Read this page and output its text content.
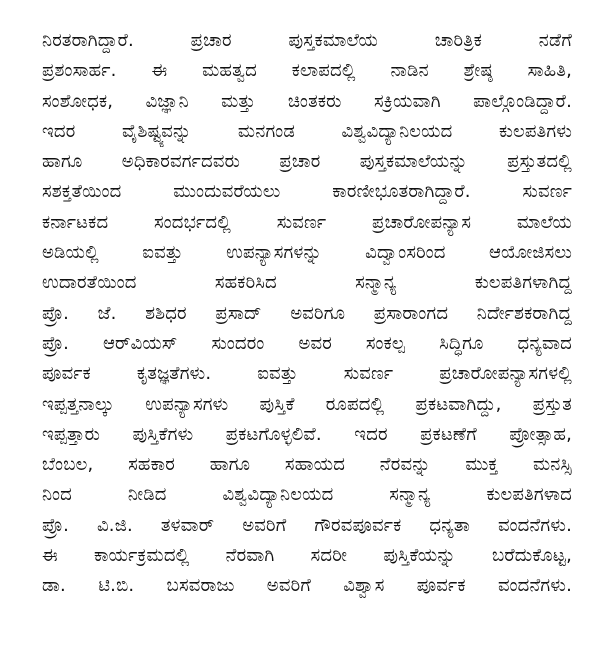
ನಿರತರಾಗಿದ್ದಾರೆ. ಪ್ರಚಾರ ಪುಸ್ತಕಮಾಲೆಯ ಚಾರಿತ್ರಿಕ ನಡೆಗೆ
ಪ್ರಶಂಸಾರ್ಹ. ಈ ಮಹತ್ವದ ಕಲಾಪದಲ್ಲಿ ನಾಡಿನ ಶ್ರೇಷ್ಠ ಸಾಹಿತಿ,
ಸಂಶೋಧಕ, ವಿಜ್ಞಾನಿ ಮತ್ತು ಚಿಂತಕರು ಸಕ್ರಿಯವಾಗಿ ಪಾಲ್ಗೊಂಡಿದ್ದಾರೆ.
ಇದರ ವೈಶಿಷ್ಟ್ಯವನ್ನು ಮನಗಂಡ ವಿಶ್ವವಿದ್ಯಾನಿಲಯದ ಕುಲಪತಿಗಳು
ಹಾಗೂ ಅಧಿಕಾರವರ್ಗದವರು ಪ್ರಚಾರ ಪುಸ್ತಕಮಾಲೆಯನ್ನು ಪ್ರಸ್ತುತದಲ್ಲಿ
ಸಶಕ್ತತೆಯಿಂದ ಮುಂದುವರೆಯಲು ಕಾರಣೀಭೂತರಾಗಿದ್ದಾರೆ. ಸುವರ್ಣ
ಕರ್ನಾಟಕದ ಸಂದರ್ಭದಲ್ಲಿ ಸುವರ್ಣ ಪ್ರಚಾರೋಪನ್ಯಾಸ ಮಾಲೆಯ
ಅಡಿಯಲ್ಲಿ ಐವತ್ತು ಉಪನ್ಯಾಸಗಳನ್ನು ವಿದ್ವಾಂಸರಿಂದ ಆಯೋಜಿಸಲು
ಉದಾರತೆಯಿಂದ ಸಹಕರಿಸಿದ ಸನ್ಮಾನ್ಯ ಕುಲಪತಿಗಳಾಗಿದ್ದ
ಪ್ರೊ. ಜೆ. ಶಶಿಧರ ಪ್ರಸಾದ್ ಅವರಿಗೂ ಪ್ರಸಾರಾಂಗದ ನಿರ್ದೇಶಕರಾಗಿದ್ದ
ಪ್ರೊ. ಆರ್‌ವಿಯಸ್ ಸುಂದರಂ ಅವರ ಸಂಕಲ್ಪ ಸಿದ್ಧಿಗೂ ಧನ್ಯವಾದ
ಪೂರ್ವಕ ಕೃತಜ್ಞತೆಗಳು. ಐವತ್ತು ಸುವರ್ಣ ಪ್ರಚಾರೋಪನ್ಯಾಸಗಳಲ್ಲಿ
ಇಪ್ಪತ್ತನಾಲ್ಕು ಉಪನ್ಯಾಸಗಳು ಪುಸ್ತಿಕೆ ರೂಪದಲ್ಲಿ ಪ್ರಕಟವಾಗಿದ್ದು, ಪ್ರಸ್ತುತ
ಇಪ್ಪತ್ತಾರು ಪುಸ್ತಿಕೆಗಳು ಪ್ರಕಟಗೊಳ್ಳಲಿವೆ. ಇದರ ಪ್ರಕಟಣೆಗೆ ಪ್ರೋತ್ಸಾಹ,
ಬೆಂಬಲ, ಸಹಕಾರ ಹಾಗೂ ಸಹಾಯದ ನೆರವನ್ನು ಮುಕ್ತ ಮನಸ್ಸಿ
ನಿಂದ ನೀಡಿದ ವಿಶ್ವವಿದ್ಯಾನಿಲಯದ ಸನ್ಮಾನ್ಯ ಕುಲಪತಿಗಳಾದ
ಪ್ರೊ. ವಿ.ಜಿ. ತಳವಾರ್ ಅವರಿಗೆ ಗೌರವಪೂರ್ವಕ ಧನ್ಯತಾ ವಂದನೆಗಳು.
ಈ ಕಾರ್ಯಕ್ರಮದಲ್ಲಿ ನೆರವಾಗಿ ಸದರೀ ಪುಸ್ತಿಕೆಯನ್ನು ಬರೆದುಕೊಟ್ಟ,
ಡಾ. ಟಿ.ಬಿ. ಬಸವರಾಜು ಅವರಿಗೆ ವಿಶ್ವಾಸ ಪೂರ್ವಕ ವಂದನೆಗಳು.
